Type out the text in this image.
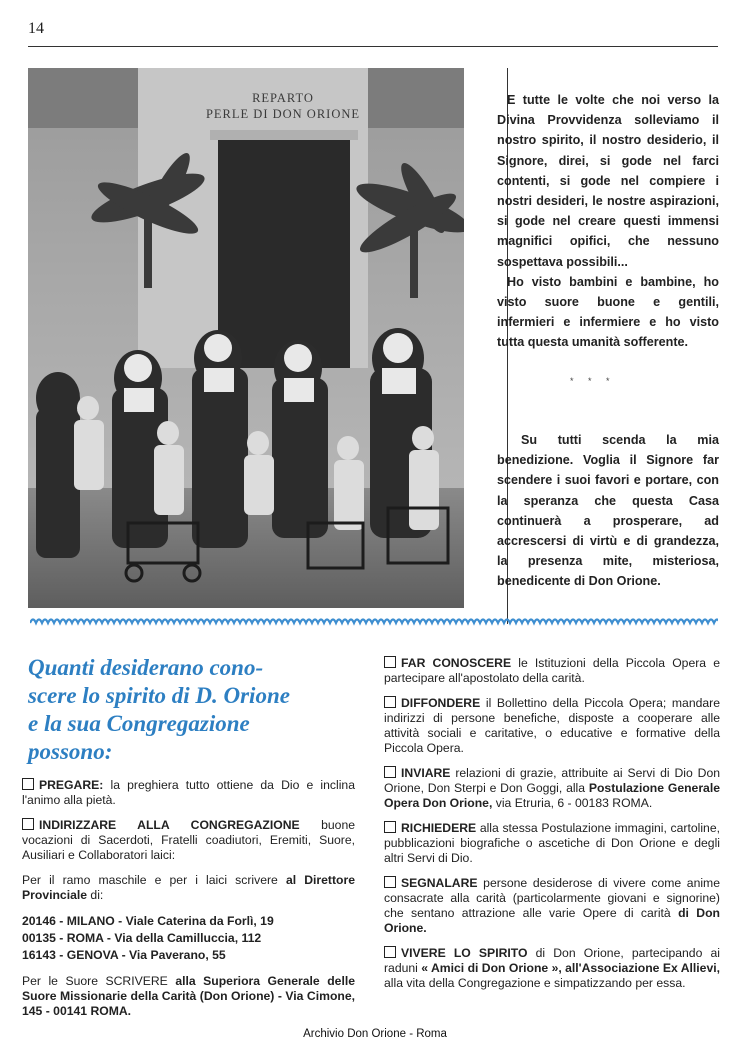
14
REPARTO
PERLE DI DON ORIONE

E tutte le volte che noi verso la Divina Provvidenza solleviamo il nostro spirito, il nostro desiderio, il Signore, direi, si gode nel farci contenti, si gode nel compiere i nostri desideri, le nostre aspirazioni, si gode nel creare questi immensi magnifici opifici, che nessuno sospettava possibili...

Ho visto bambini e bambine, ho visto suore buone e gentili, infermieri e infermiere e ho visto tutta questa umanità sofferente.

* * *

Su tutti scenda la mia benedizione. Voglia il Signore far scendere i suoi favori e portare, con la speranza che questa Casa continuerà a prosperare, ad accrescersi di virtù e di grandezza, la presenza mite, misteriosa, benedicente di Don Orione.

Quanti desiderano cono-
scere lo spirito di D. Orione
e la sua Congregazione
possono:
PREGARE: la preghiera tutto ottiene da Dio e inclina l'animo alla pietà.
INDIRIZZARE ALLA CONGREGAZIONE buone vocazioni di Sacerdoti, Fratelli coadiutori, Eremiti, Suore, Ausiliari e Collaboratori laici:
Per il ramo maschile e per i laici scrivere al Direttore Provinciale di:
20146 - MILANO - Viale Caterina da Forlì, 19
00135 - ROMA - Via della Camilluccia, 112
16143 - GENOVA - Via Paverano, 55
Per le Suore SCRIVERE alla Superiora Generale delle Suore Missionarie della Carità (Don Orione) - Via Cimone, 145 - 00141 ROMA.
FAR CONOSCERE le Istituzioni della Piccola Opera e partecipare all'apostolato della carità.
DIFFONDERE il Bollettino della Piccola Opera; mandare indirizzi di persone benefiche, disposte a cooperare alle attività sociali e caritative, o educative e formative della Piccola Opera.
INVIARE relazioni di grazie, attribuite ai Servi di Dio Don Orione, Don Sterpi e Don Goggi, alla Postulazione Generale Opera Don Orione, via Etruria, 6 - 00183 ROMA.
RICHIEDERE alla stessa Postulazione immagini, cartoline, pubblicazioni biografiche o ascetiche di Don Orione e degli altri Servi di Dio.
SEGNALARE persone desiderose di vivere come anime consacrate alla carità (particolarmente giovani e signorine) che sentano attrazione alle varie Opere di carità di Don Orione.
VIVERE LO SPIRITO di Don Orione, partecipando ai raduni « Amici di Don Orione », all'Associazione Ex Allievi, alla vita della Congregazione e simpatizzando per essa.
Archivio Don Orione - Roma
